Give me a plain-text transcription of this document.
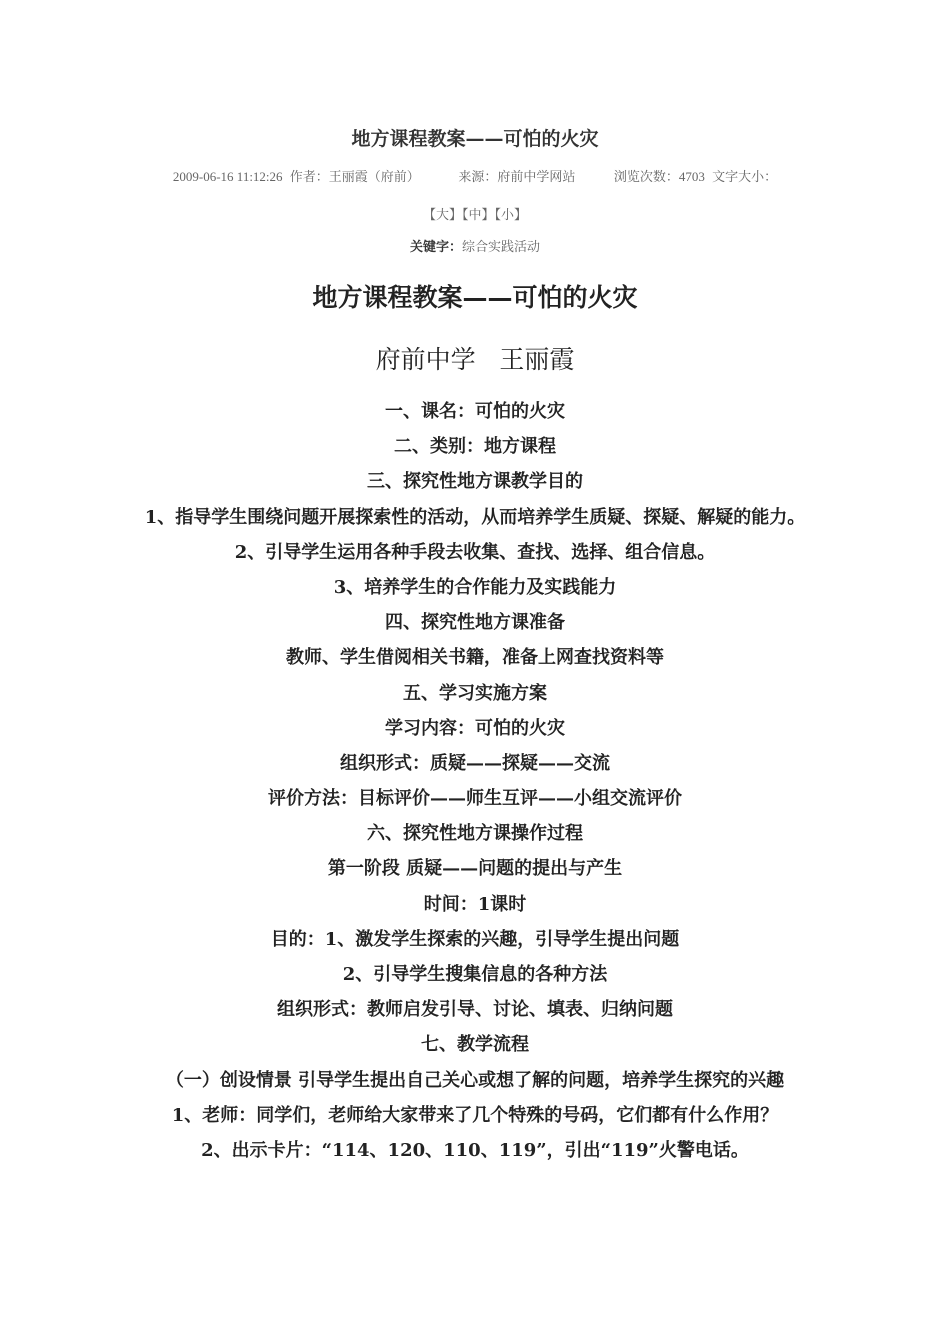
地方课程教案——可怕的火灾
2009-06-16 11:12:26 作者：王丽霞（府前）	来源：府前中学网站	浏览次数：4703 文字大小：
【大】【中】【小】
关键字：综合实践活动
地方课程教案——可怕的火灾
府前中学   王丽霞
一、课名：可怕的火灾
二、类别：地方课程
三、探究性地方课教学目的
1、指导学生围绕问题开展探索性的活动，从而培养学生质疑、探疑、解疑的能力。
2、引导学生运用各种手段去收集、查找、选择、组合信息。
3、培养学生的合作能力及实践能力
四、探究性地方课准备
教师、学生借阅相关书籍，准备上网查找资料等
五、学习实施方案
学习内容：可怕的火灾
组织形式：质疑——探疑——交流
评价方法：目标评价——师生互评——小组交流评价
六、探究性地方课操作过程
第一阶段 质疑——问题的提出与产生
时间：1课时
目的：1、激发学生探索的兴趣，引导学生提出问题
2、引导学生搜集信息的各种方法
组织形式：教师启发引导、讨论、填表、归纳问题
七、教学流程
（一）创设情景 引导学生提出自己关心或想了解的问题，培养学生探究的兴趣
1、老师：同学们，老师给大家带来了几个特殊的号码，它们都有什么作用？
2、出示卡片：“114、120、110、119”，引出“119”火警电话。
